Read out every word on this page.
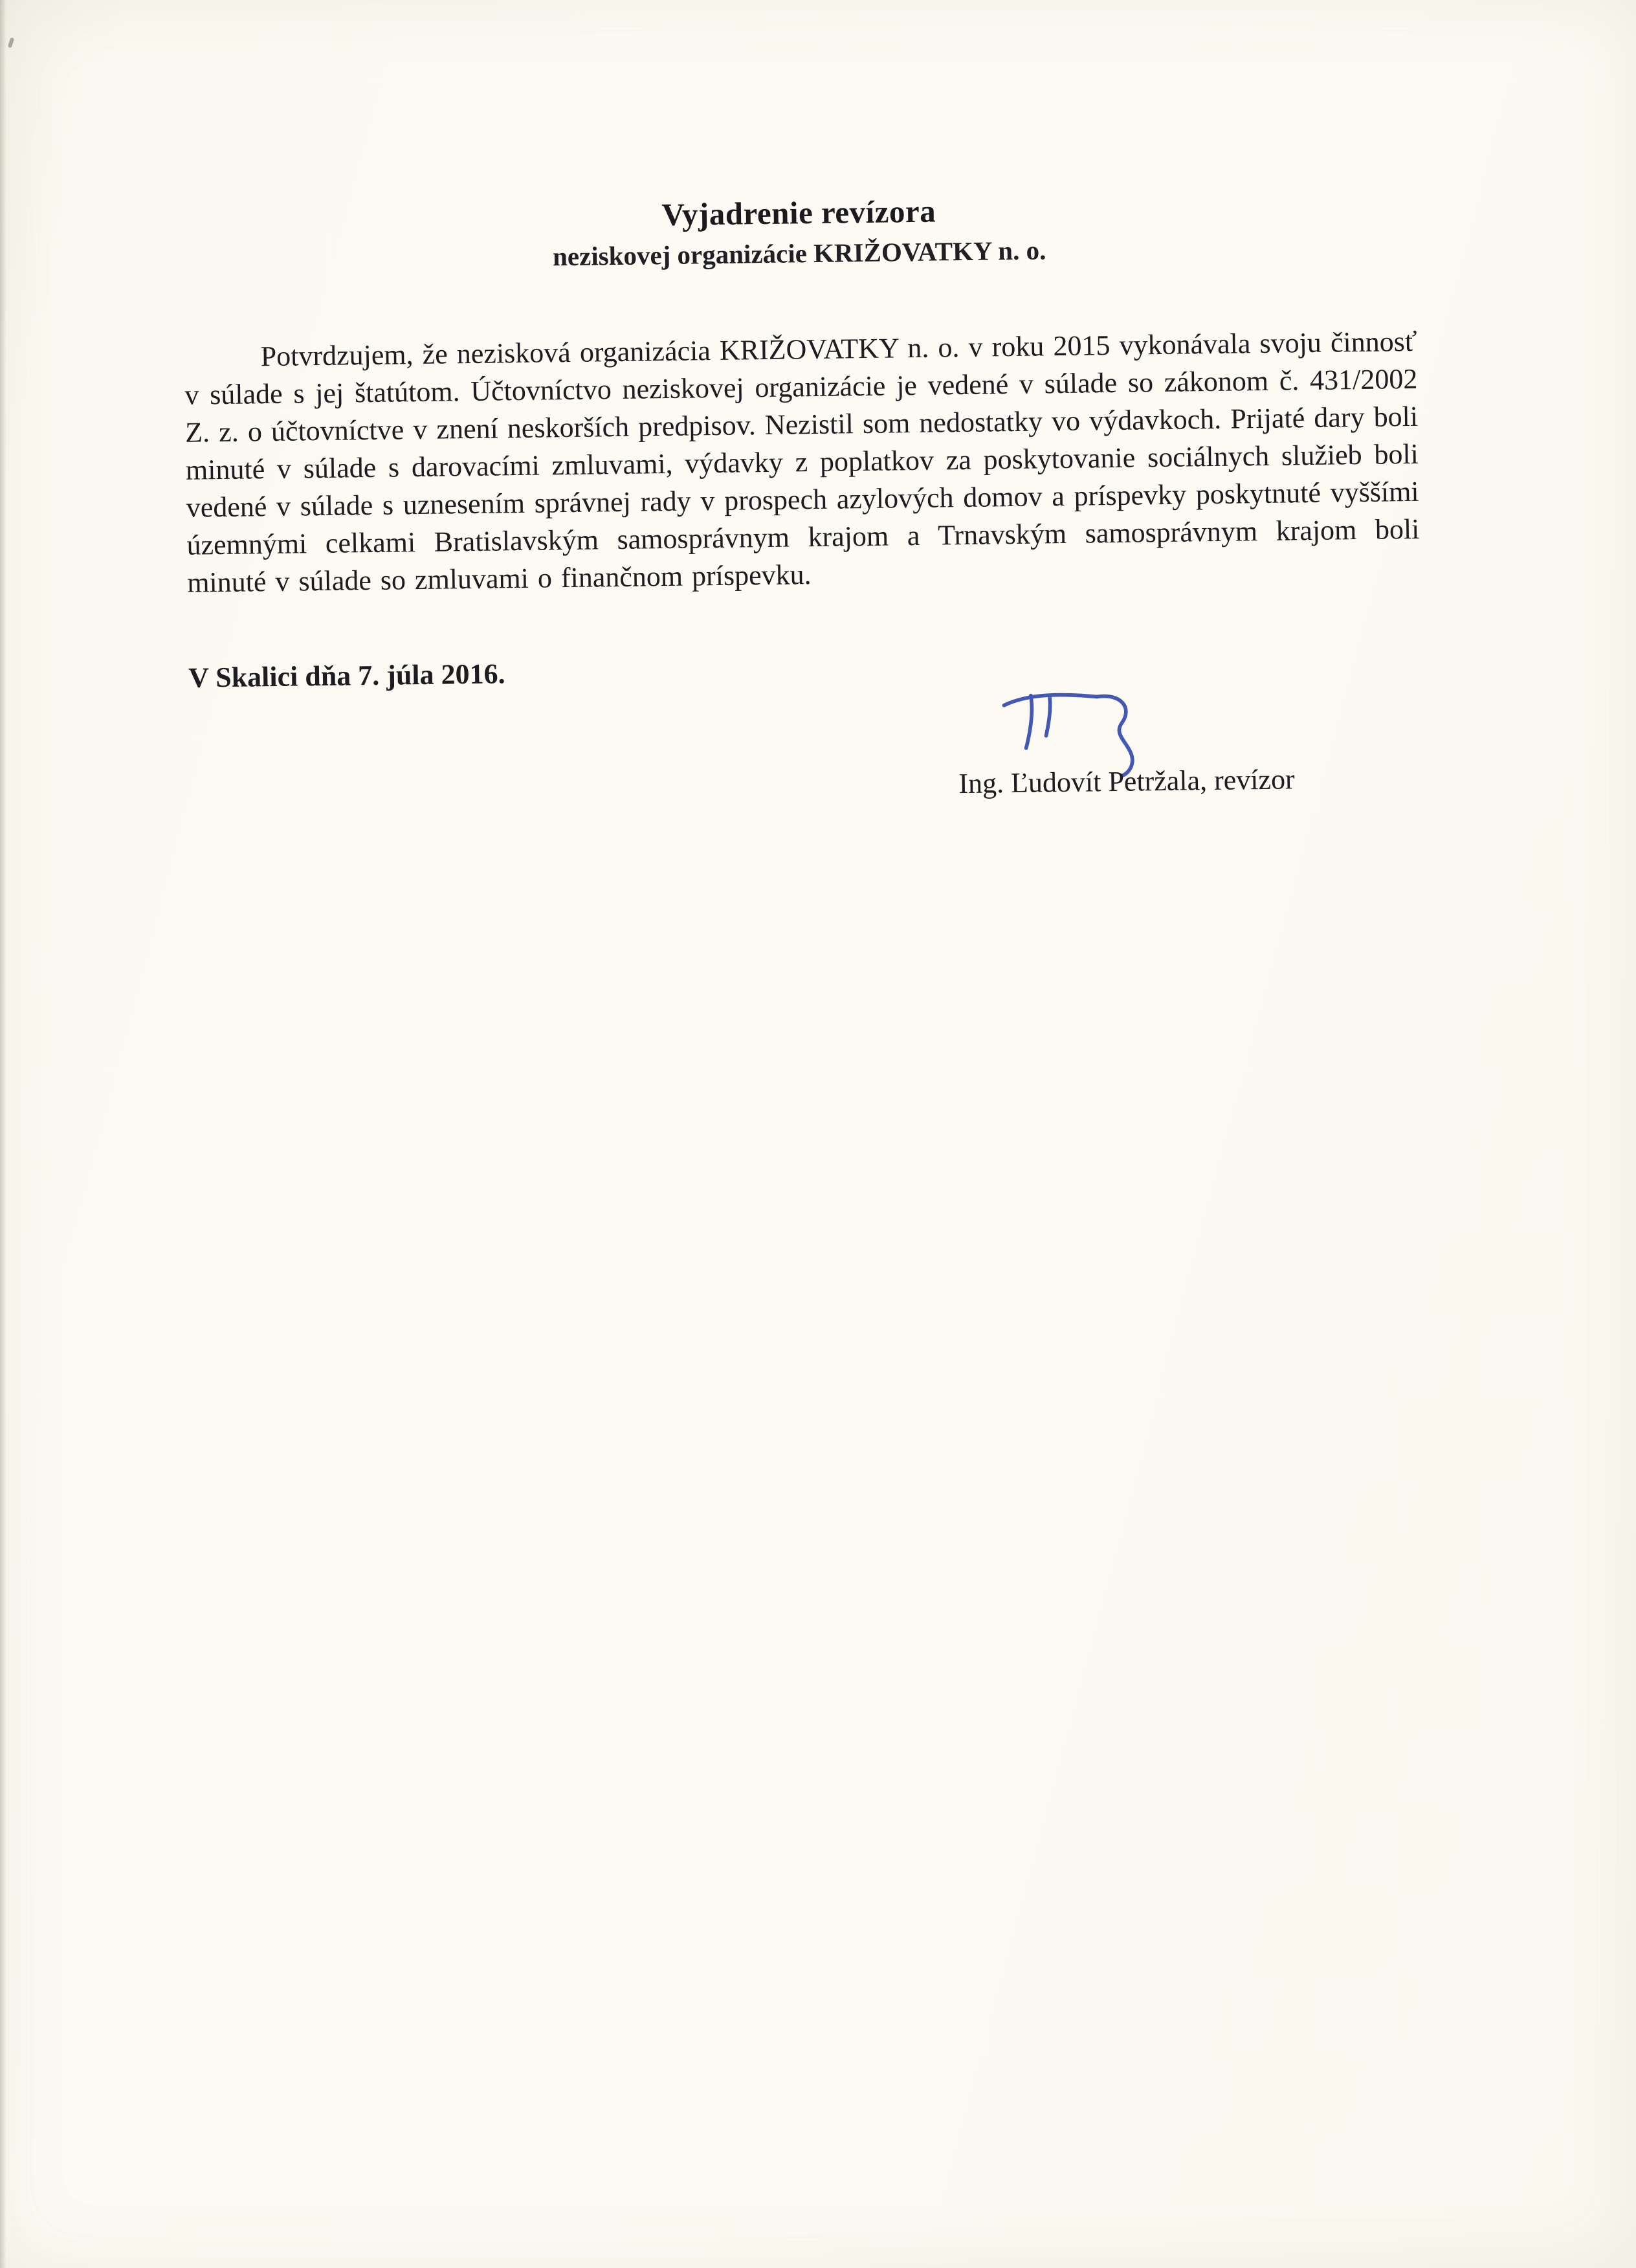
Vyjadrenie revízora
neziskovej organizácie KRIŽOVATKY n. o.

Potvrdzujem, že nezisková organizácia KRIŽOVATKY n. o. v roku 2015 vykonávala svoju činnosť v súlade s jej štatútom. Účtovníctvo neziskovej organizácie je vedené v súlade so zákonom č. 431/2002 Z. z. o účtovníctve v znení neskorších predpisov. Nezistil som nedostatky vo výdavkoch. Prijaté dary boli minuté v súlade s darovacími zmluvami, výdavky z poplatkov za poskytovanie sociálnych služieb boli vedené v súlade s uznesením správnej rady v prospech azylových domov a príspevky poskytnuté vyššími územnými celkami Bratislavským samosprávnym krajom a Trnavským samosprávnym krajom boli minuté v súlade so zmluvami o finančnom príspevku.

V Skalici dňa 7. júla 2016.

Ing. Ľudovít Petržala, revízor
